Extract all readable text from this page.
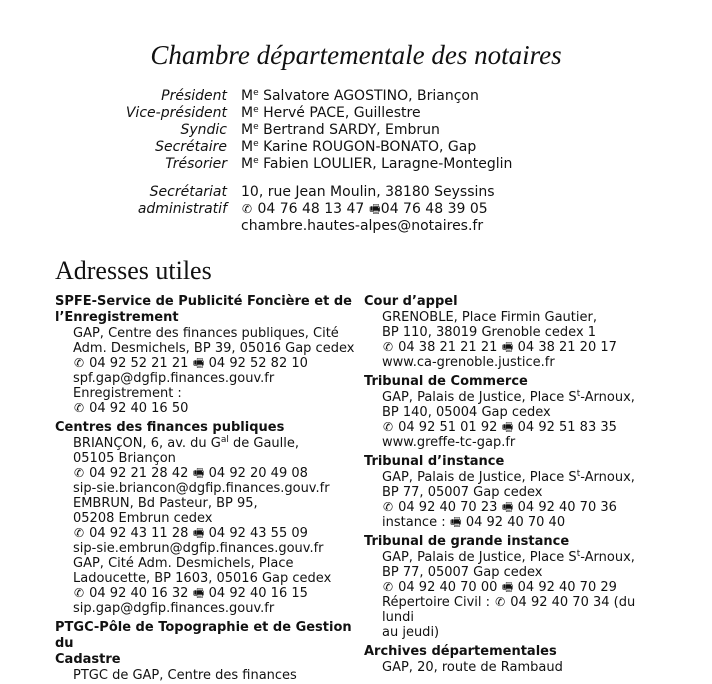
Chambre départementale des notaires
Président	Me Salvatore AGOSTINO, Briançon
Vice-président	Me Hervé PACE, Guillestre
Syndic	Me Bertrand SARDY, Embrun
Secrétaire	Me Karine ROUGON-BONATO, Gap
Trésorier	Me Fabien LOULIER, Laragne-Monteglin
Secrétariat	10, rue Jean Moulin, 38180 Seyssins
administratif	✆ 04 76 48 13 47 🖷04 76 48 39 05
chambre.hautes-alpes@notaires.fr
Adresses utiles
SPFE-Service de Publicité Foncière et de
l’Enregistrement
GAP, Centre des finances publiques, Cité
Adm. Desmichels, BP 39, 05016 Gap cedex
✆ 04 92 52 21 21 🖷 04 92 52 82 10
spf.gap@dgfip.finances.gouv.fr
Enregistrement :
✆ 04 92 40 16 50
Centres des finances publiques
BRIANÇON, 6, av. du $G^{al}$ de Gaulle,
05105 Briançon
✆ 04 92 21 28 42 🖷 04 92 20 49 08
sip-sie.briancon@dgfip.finances.gouv.fr
EMBRUN, Bd Pasteur, BP 95,
05208 Embrun cedex
✆ 04 92 43 11 28 🖷 04 92 43 55 09
sip-sie.embrun@dgfip.finances.gouv.fr
GAP, Cité Adm. Desmichels, Place
Ladoucette, BP 1603, 05016 Gap cedex
✆ 04 92 40 16 32 🖷 04 92 40 16 15
sip.gap@dgfip.finances.gouv.fr
PTGC-Pôle de Topographie et de Gestion du
Cadastre
PTGC de GAP, Centre des finances
Cour d’appel
GRENOBLE, Place Firmin Gautier,
BP 110, 38019 Grenoble cedex 1
✆ 04 38 21 21 21 🖷 04 38 21 20 17
www.ca-grenoble.justice.fr
Tribunal de Commerce
GAP, Palais de Justice, Place $S^t$-Arnoux,
BP 140, 05004 Gap cedex
✆ 04 92 51 01 92 🖷 04 92 51 83 35
www.greffe-tc-gap.fr
Tribunal d’instance
GAP, Palais de Justice, Place $S^t$-Arnoux,
BP 77, 05007 Gap cedex
✆ 04 92 40 70 23 🖷 04 92 40 70 36
instance : 🖷 04 92 40 70 40
Tribunal de grande instance
GAP, Palais de Justice, Place $S^t$-Arnoux,
BP 77, 05007 Gap cedex
✆ 04 92 40 70 00 🖷 04 92 40 70 29
Répertoire Civil : ✆ 04 92 40 70 34 (du lundi
au jeudi)
Archives départementales
GAP, 20, route de Rambaud
